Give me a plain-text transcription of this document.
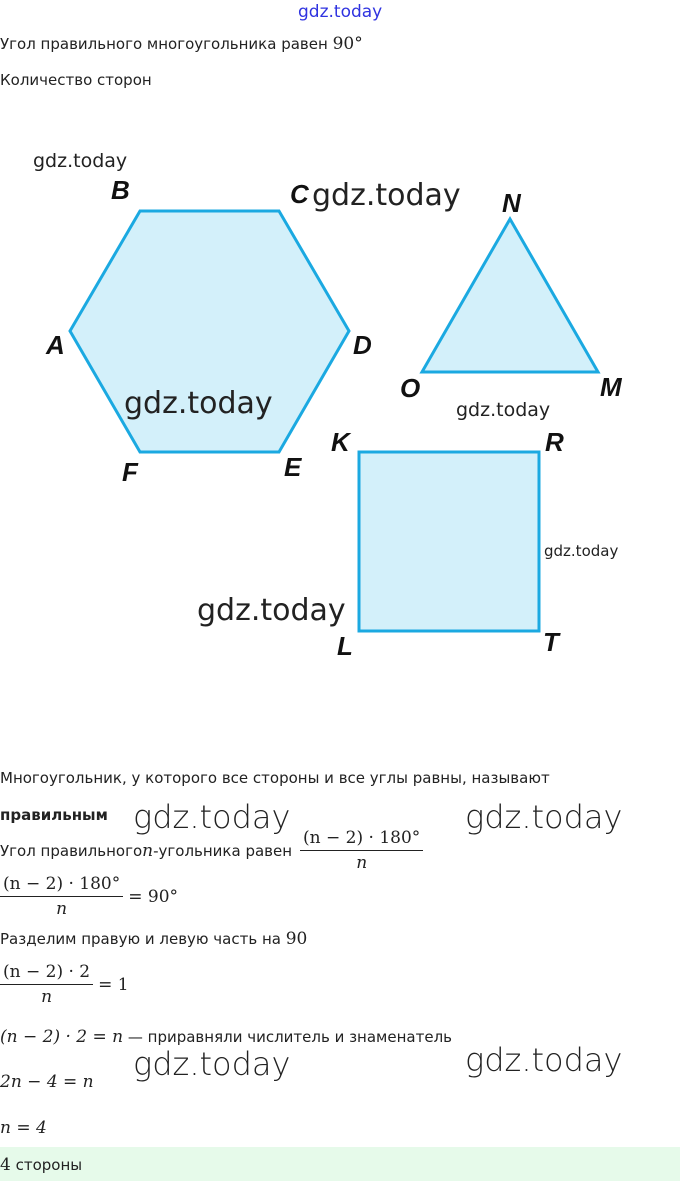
gdz.today
Угол правильного многоугольника равен 90°
Количество сторон
B	C
D
E
F
A
N
M
O
K	R
T
L
gdz.today
gdz.today
gdz.today	gdz.today
gdz.today
gdz.today
Многоугольник, у которого все стороны и все углы равны, называют
правильным gdz.today	gdz.today
Угол правильного n -угольника равен $\frac{(n - 2) \cdot 180^\circ}{n}$
$\frac{(n - 2) \cdot 180^\circ}{n} = 90^\circ$
Разделим правую и левую часть на 90
$\frac{(n - 2) \cdot 2}{n} = 1$
(n − 2) · 2 = n — приравняли числитель и знаменатель
2n − 4 = n gdz.today	gdz.today
n = 4
4 стороны
